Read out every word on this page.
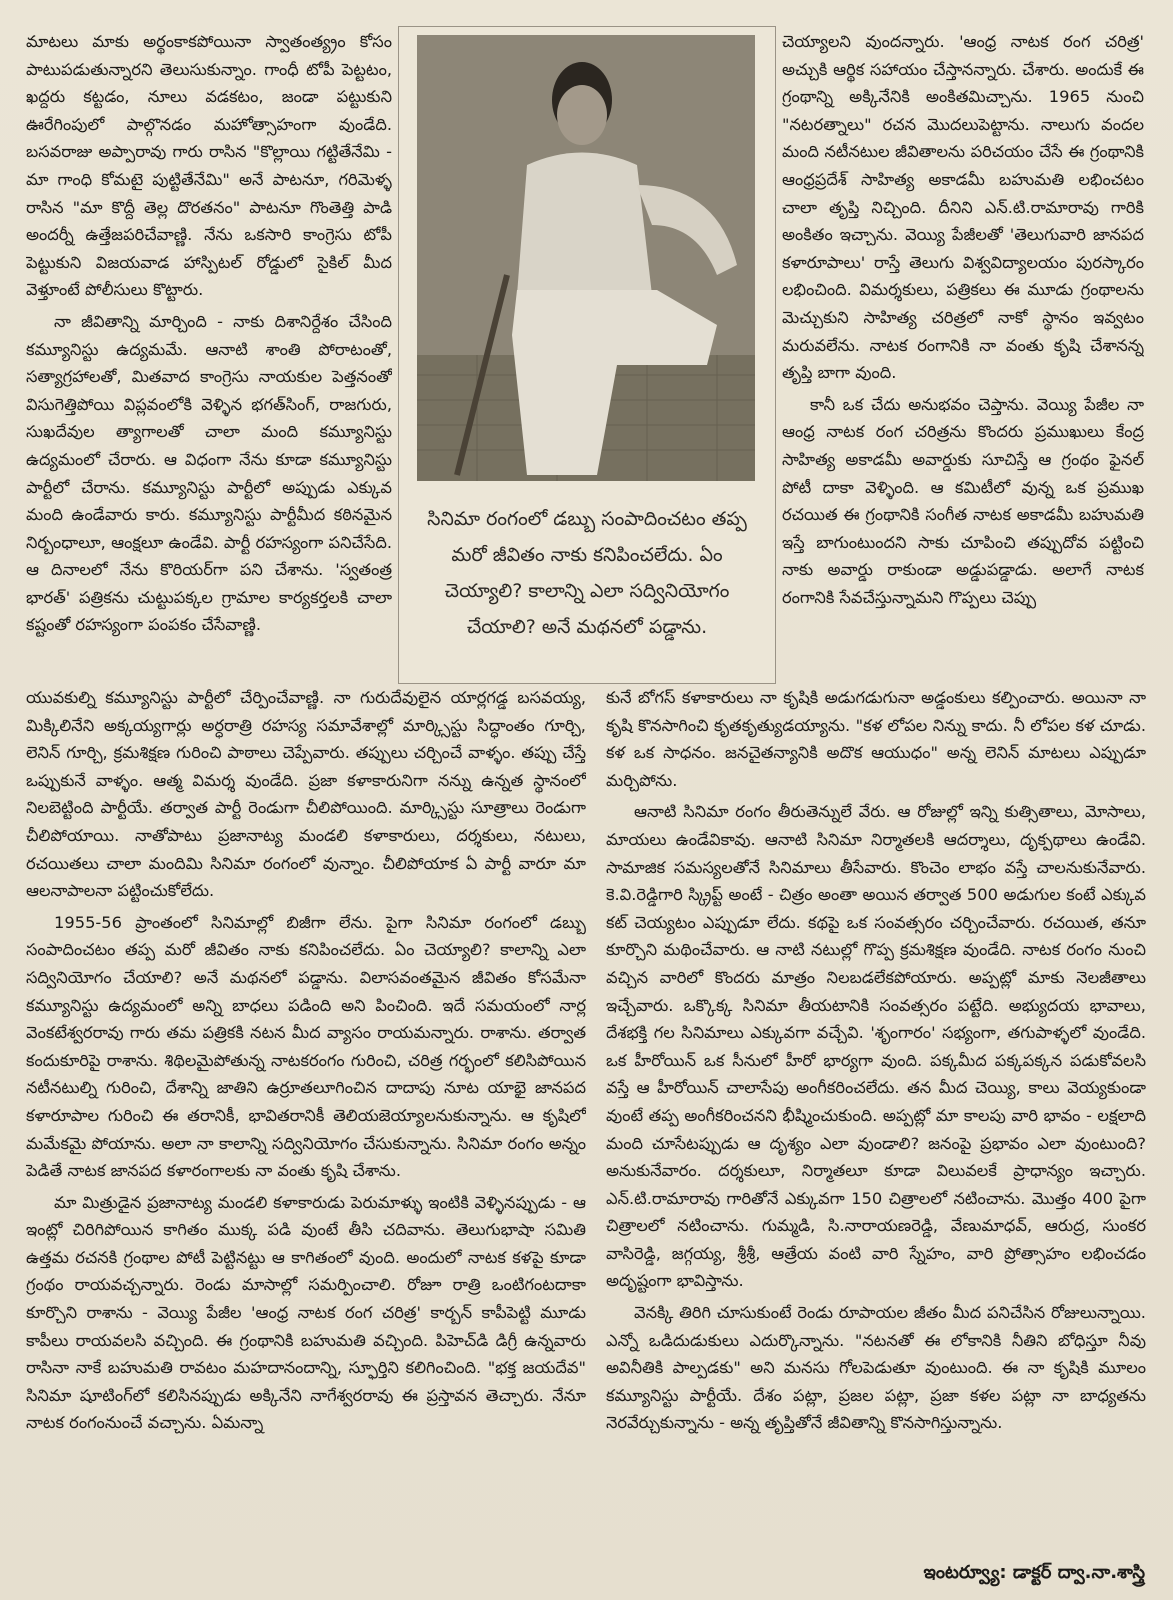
మాటలు మాకు అర్థంకాకపోయినా స్వాతంత్య్రం కోసం పాటుపడుతున్నారని తెలుసుకున్నాం. గాంధీ టోపీ పెట్టటం, ఖద్దరు కట్టడం, నూలు వడకటం, జండా పట్టుకుని ఊరేగింపులో పాల్గొనడం మహోత్సాహంగా వుండేది. బసవరాజు అప్పారావు గారు రాసిన "కొల్లాయి గట్టితేనేమి - మా గాంధి కోమటై పుట్టితేనేమి" అనే పాటనూ, గరిమెళ్ళ రాసిన "మా కొద్దీ తెల్ల దొరతనం" పాటనూ గొంతెత్తి పాడి అందర్నీ ఉత్తేజపరిచేవాణ్ణి. నేను ఒకసారి కాంగ్రెసు టోపీ పెట్టుకుని విజయవాడ హాస్పిటల్ రోడ్డులో సైకిల్ మీద వెళ్తూంటే పోలీసులు కొట్టారు.

నా జీవితాన్ని మార్చింది - నాకు దిశానిర్దేశం చేసింది కమ్యూనిస్టు ఉద్యమమే. ఆనాటి శాంతి పోరాటంతో, సత్యాగ్రహాలతో, మితవాద కాంగ్రెసు నాయకుల పెత్తనంతో విసుగెత్తిపోయి విప్లవంలోకి వెళ్ళిన భగత్‌సింగ్, రాజగురు, సుఖదేవుల త్యాగాలతో చాలా మంది కమ్యూనిస్టు ఉద్యమంలో చేరారు. ఆ విధంగా నేను కూడా కమ్యూనిస్టు పార్టీలో చేరాను. కమ్యూనిస్టు పార్టీలో అప్పుడు ఎక్కువ మంది ఉండేవారు కారు. కమ్యూనిస్టు పార్టీమీద కఠినమైన నిర్బంధాలూ, ఆంక్షలూ ఉండేవి. పార్టీ రహస్యంగా పనిచేసేది. ఆ దినాలలో నేను కొరియర్‌గా పని చేశాను. 'స్వతంత్ర భారత్' పత్రికను చుట్టుపక్కల గ్రామాల కార్యకర్తలకి చాలా కష్టంతో రహస్యంగా పంపకం చేసేవాణ్ణి.

సినిమా రంగంలో డబ్బు సంపాదించటం తప్ప మరో జీవితం నాకు కనిపించలేదు. ఏం చెయ్యాలి? కాలాన్ని ఎలా సద్వినియోగం చేయాలి? అనే మథనలో పడ్డాను.

చెయ్యాలని వుందన్నారు. 'ఆంధ్ర నాటక రంగ చరిత్ర' అచ్చుకి ఆర్థిక సహాయం చేస్తానన్నారు. చేశారు. అందుకే ఈ గ్రంథాన్ని అక్కినేనికి అంకితమిచ్చాను. 1965 నుంచి "నటరత్నాలు" రచన మొదలుపెట్టాను. నాలుగు వందల మంది నటీనటుల జీవితాలను పరిచయం చేసే ఈ గ్రంథానికి ఆంధ్రప్రదేశ్ సాహిత్య అకాడమీ బహుమతి లభించటం చాలా తృప్తి నిచ్చింది. దీనిని ఎన్.టి.రామారావు గారికి అంకితం ఇచ్చాను. వెయ్యి పేజీలతో 'తెలుగువారి జానపద కళారూపాలు' రాస్తే తెలుగు విశ్వవిద్యాలయం పురస్కారం లభించింది. విమర్శకులు, పత్రికలు ఈ మూడు గ్రంథాలను మెచ్చుకుని సాహిత్య చరిత్రలో నాకో స్థానం ఇవ్వటం మరువలేను. నాటక రంగానికి నా వంతు కృషి చేశానన్న తృప్తి బాగా వుంది.

కానీ ఒక చేదు అనుభవం చెప్తాను. వెయ్యి పేజీల నా ఆంధ్ర నాటక రంగ చరిత్రను కొందరు ప్రముఖులు కేంద్ర సాహిత్య అకాడమీ అవార్డుకు సూచిస్తే ఆ గ్రంథం ఫైనల్ పోటీ దాకా వెళ్ళింది. ఆ కమిటీలో వున్న ఒక ప్రముఖ రచయిత ఈ గ్రంథానికి సంగీత నాటక అకాడమీ బహుమతి ఇస్తే బాగుంటుందని సాకు చూపించి తప్పుదోవ పట్టించి నాకు అవార్డు రాకుండా అడ్డుపడ్డాడు. అలాగే నాటక రంగానికి సేవచేస్తున్నామని గొప్పలు చెప్పు

యువకుల్ని కమ్యూనిస్టు పార్టీలో చేర్పించేవాణ్ణి. నా గురుదేవులైన యార్లగడ్డ బసవయ్య, మిక్కిలినేని అక్కయ్యగార్లు అర్ధరాత్రి రహస్య సమావేశాల్లో మార్క్సిస్టు సిద్ధాంతం గూర్చి, లెనిన్ గూర్చి, క్రమశిక్షణ గురించి పాఠాలు చెప్పేవారు. తప్పులు చర్చించే వాళ్ళం. తప్పు చేస్తే ఒప్పుకునే వాళ్ళం. ఆత్మ విమర్శ వుండేది. ప్రజా కళాకారునిగా నన్ను ఉన్నత స్థానంలో నిలబెట్టింది పార్టీయే. తర్వాత పార్టీ రెండుగా చీలిపోయింది. మార్క్సిస్టు సూత్రాలు రెండుగా చీలిపోయాయి. నాతోపాటు ప్రజానాట్య మండలి కళాకారులు, దర్శకులు, నటులు, రచయితలు చాలా మందిమి సినిమా రంగంలో వున్నాం. చీలిపోయాక ఏ పార్టీ వారూ మా ఆలనాపాలనా పట్టించుకోలేదు.

1955-56 ప్రాంతంలో సినిమాల్లో బిజీగా లేను. పైగా సినిమా రంగంలో డబ్బు సంపాదించటం తప్ప మరో జీవితం నాకు కనిపించలేదు. ఏం చెయ్యాలి? కాలాన్ని ఎలా సద్వినియోగం చేయాలి? అనే మథనలో పడ్డాను. విలాసవంతమైన జీవితం కోసమేనా కమ్యూనిస్టు ఉద్యమంలో అన్ని బాధలు పడింది అని పించింది. ఇదే సమయంలో నార్ల వెంకటేశ్వరరావు గారు తమ పత్రికకి నటన మీద వ్యాసం రాయమన్నారు. రాశాను. తర్వాత కందుకూరిపై రాశాను. శిథిలమైపోతున్న నాటకరంగం గురించి, చరిత్ర గర్భంలో కలిసిపోయిన నటీనటుల్ని గురించి, దేశాన్ని జాతిని ఉర్రూతలూగించిన దాదాపు నూట యాభై జానపద కళారూపాల గురించి ఈ తరానికీ, భావితరానికీ తెలియజెయ్యాలనుకున్నాను. ఆ కృషిలో మమేకమై పోయాను. అలా నా కాలాన్ని సద్వినియోగం చేసుకున్నాను. సినిమా రంగం అన్నం పెడితే నాటక జానపద కళారంగాలకు నా వంతు కృషి చేశాను.

మా మిత్రుడైన ప్రజానాట్య మండలి కళాకారుడు పెరుమాళ్ళు ఇంటికి వెళ్ళినప్పుడు - ఆ ఇంట్లో చిరిగిపోయిన కాగితం ముక్క పడి వుంటే తీసి చదివాను. తెలుగుభాషా సమితి ఉత్తమ రచనకి గ్రంథాల పోటీ పెట్టినట్టు ఆ కాగితంలో వుంది. అందులో నాటక కళపై కూడా గ్రంథం రాయవచ్చన్నారు. రెండు మాసాల్లో సమర్పించాలి. రోజూ రాత్రి ఒంటిగంటదాకా కూర్చొని రాశాను - వెయ్యి పేజీల 'ఆంధ్ర నాటక రంగ చరిత్ర' కార్బన్ కాపీపెట్టి మూడు కాపీలు రాయవలసి వచ్చింది. ఈ గ్రంథానికి బహుమతి వచ్చింది. పిహెచ్‌డి డిగ్రీ ఉన్నవారు రాసినా నాకే బహుమతి రావటం మహదానందాన్ని, స్ఫూర్తిని కలిగించింది. "భక్త జయదేవ" సినిమా షూటింగ్‌లో కలిసినప్పుడు అక్కినేని నాగేశ్వరరావు ఈ ప్రస్తావన తెచ్చారు. నేనూ నాటక రంగంనుంచే వచ్చాను. ఏమన్నా

కునే బోగస్ కళాకారులు నా కృషికి అడుగడుగునా అడ్డంకులు కల్పించారు. అయినా నా కృషి కొనసాగించి కృతకృత్యుడయ్యాను. "కళ లోపల నిన్ను కాదు. నీ లోపల కళ చూడు. కళ ఒక సాధనం. జనచైతన్యానికి అదొక ఆయుధం" అన్న లెనిన్ మాటలు ఎప్పుడూ మర్చిపోను.

ఆనాటి సినిమా రంగం తీరుతెన్నులే వేరు. ఆ రోజుల్లో ఇన్ని కుత్సితాలు, మోసాలు, మాయలు ఉండేవికావు. ఆనాటి సినిమా నిర్మాతలకి ఆదర్శాలు, దృక్పథాలు ఉండేవి. సామాజిక సమస్యలతోనే సినిమాలు తీసేవారు. కొంచెం లాభం వస్తే చాలనుకునేవారు. కె.వి.రెడ్డిగారి స్క్రిప్ట్ అంటే - చిత్రం అంతా అయిన తర్వాత 500 అడుగుల కంటే ఎక్కువ కట్ చెయ్యటం ఎప్పుడూ లేదు. కథపై ఒక సంవత్సరం చర్చించేవారు. రచయిత, తనూ కూర్చొని మథించేవారు. ఆ నాటి నటుల్లో గొప్ప క్రమశిక్షణ వుండేది. నాటక రంగం నుంచి వచ్చిన వారిలో కొందరు మాత్రం నిలబడలేకపోయారు. అప్పట్లో మాకు నెలజీతాలు ఇచ్చేవారు. ఒక్కొక్క సినిమా తీయటానికి సంవత్సరం పట్టేది. అభ్యుదయ భావాలు, దేశభక్తి గల సినిమాలు ఎక్కువగా వచ్చేవి. 'శృంగారం' సభ్యంగా, తగుపాళ్ళలో వుండేది. ఒక హీరోయిన్ ఒక సీనులో హీరో భార్యగా వుంది. పక్కమీద పక్కపక్కన పడుకోవలసి వస్తే ఆ హీరోయిన్ చాలాసేపు అంగీకరించలేదు. తన మీద చెయ్యి, కాలు వెయ్యకుండా వుంటే తప్ప అంగీకరించనని భీష్మించుకుంది. అప్పట్లో మా కాలపు వారి భావం - లక్షలాది మంది చూసేటప్పుడు ఆ దృశ్యం ఎలా వుండాలి? జనంపై ప్రభావం ఎలా వుంటుంది? అనుకునేవారం. దర్శకులూ, నిర్మాతలూ కూడా విలువలకే ప్రాధాన్యం ఇచ్చారు. ఎన్.టి.రామారావు గారితోనే ఎక్కువగా 150 చిత్రాలలో నటించాను. మొత్తం 400 పైగా చిత్రాలలో నటించాను. గుమ్మడి, సి.నారాయణరెడ్డి, వేణుమాధవ్, ఆరుద్ర, సుంకర వాసిరెడ్డి, జగ్గయ్య, శ్రీశ్రీ, ఆత్రేయ వంటి వారి స్నేహం, వారి ప్రోత్సాహం లభించడం అదృష్టంగా భావిస్తాను.

వెనక్కి తిరిగి చూసుకుంటే రెండు రూపాయల జీతం మీద పనిచేసిన రోజులున్నాయి. ఎన్నో ఒడిదుడుకులు ఎదుర్కొన్నాను. "నటనతో ఈ లోకానికి నీతిని బోధిస్తూ నీవు అవినీతికి పాల్పడకు" అని మనసు గోలపెడుతూ వుంటుంది. ఈ నా కృషికి మూలం కమ్యూనిస్టు పార్టీయే. దేశం పట్లా, ప్రజల పట్లా, ప్రజా కళల పట్లా నా బాధ్యతను నెరవేర్చుకున్నాను - అన్న తృప్తితోనే జీవితాన్ని కొనసాగిస్తున్నాను.

ఇంటర్వ్యూ: డాక్టర్ ద్వా.నా.శాస్త్రి
